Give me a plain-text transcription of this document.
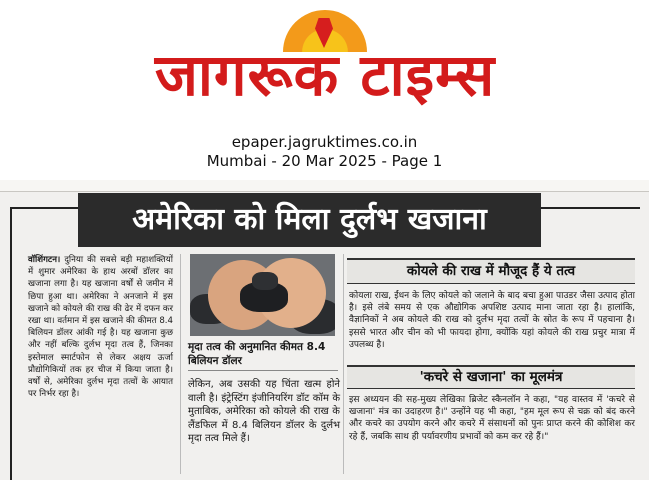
जागरूक टाइम्स
epaper.jagruktimes.co.in
Mumbai - 20 Mar 2025 - Page 1
अमेरिका को मिला दुर्लभ खजाना
वॉशिंगटन। दुनिया की सबसे बड़ी महाशक्तियों में शुमार अमेरिका के हाथ अरबों डॉलर का खजाना लगा है। यह खजाना वर्षों से जमीन में छिपा हुआ था। अमेरिका ने अनजाने में इस खजाने को कोयले की राख की ढेर में दफन कर रखा था। वर्तमान में इस खजाने की कीमत 8.4 बिलियन डॉलर आंकी गई है। यह खजाना कुछ और नहीं बल्कि दुर्लभ मृदा तत्व हैं, जिनका इस्तेमाल स्मार्टफोन से लेकर अक्षय ऊर्जा प्रौद्योगिकियों तक हर चीज में किया जाता है। वर्षों से, अमेरिका दुर्लभ मृदा तत्वों के आयात पर निर्भर रहा है।
मृदा तत्व की अनुमानित कीमत 8.4 बिलियन डॉलर
लेकिन, अब उसकी यह चिंता खत्म होने वाली है। इंट्रेस्टिंग इंजीनियरिंग डॉट कॉम के मुताबिक, अमेरिका को कोयले की राख के लैंडफिल में 8.4 बिलियन डॉलर के दुर्लभ मृदा तत्व मिले हैं।
कोयले की राख में मौजूद हैं ये तत्व
कोयला राख, ईंधन के लिए कोयले को जलाने के बाद बचा हुआ पाउडर जैसा उत्पाद होता है। इसे लंबे समय से एक औद्योगिक अपशिष्ट उत्पाद माना जाता रहा है। हालांकि, वैज्ञानिकों ने अब कोयले की राख को दुर्लभ मृदा तत्वों के स्रोत के रूप में पहचाना है। इससे भारत और चीन को भी फायदा होगा, क्योंकि यहां कोयले की राख प्रचुर मात्रा में उपलब्ध है।
'कचरे से खजाना' का मूलमंत्र
इस अध्ययन की सह-मुख्य लेखिका ब्रिजेट स्कैनलॉन ने कहा, "यह वास्तव में 'कचरे से खजाना' मंत्र का उदाहरण है।" उन्होंने यह भी कहा, "हम मूल रूप से चक्र को बंद करने और कचरे का उपयोग करने और कचरे में संसाधनों को पुनः प्राप्त करने की कोशिश कर रहे हैं, जबकि साथ ही पर्यावरणीय प्रभावों को कम कर रहे हैं।"
